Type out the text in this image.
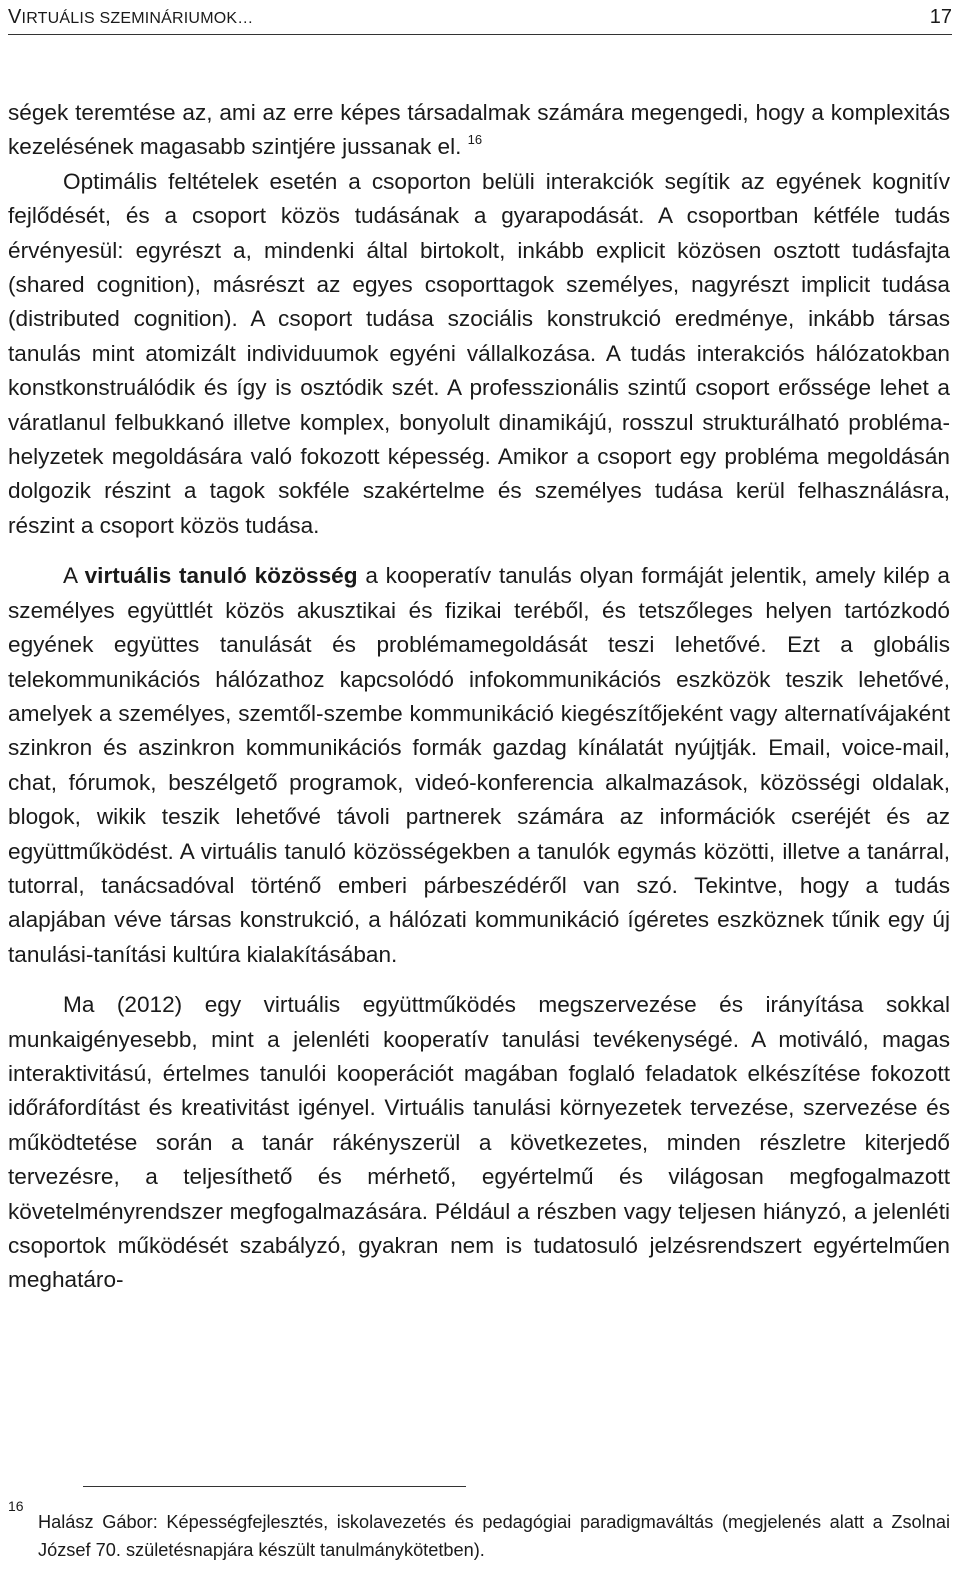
VIRTUÁLIS SZEMINÁRIUMOK…	17

ségek teremtése az, ami az erre képes társadalmak számára megengedi, hogy a komplexitás kezelésének magasabb szintjére jussanak el. $^{16}$

Optimális feltételek esetén a csoporton belüli interakciók segítik az egyének kognitív fejlődését, és a csoport közös tudásának a gyarapodását. A csoportban kétféle tudás érvényesül: egyrészt a, mindenki által birtokolt, inkább explicit közösen osztott tudásfajta (shared cognition), másrészt az egyes csoporttagok személyes, nagyrészt implicit tudása (distributed cognition). A csoport tudása szociális konstrukció eredménye, inkább társas tanulás mint atomizált individuumok egyéni vállalkozása. A tudás interakciós hálózatokban konstkonstruálódik és így is osztódik szét. A professzionális szintű csoport erőssége lehet a váratlanul felbukkanó illetve komplex, bonyolult dinamikájú, rosszul strukturálható probléma-helyzetek megoldására való fokozott képesség. Amikor a csoport egy probléma megoldásán dolgozik részint a tagok sokféle szakértelme és személyes tudása kerül felhasználásra, részint a csoport közös tudása.

A virtuális tanuló közösség a kooperatív tanulás olyan formáját jelentik, amely kilép a személyes együttlét közös akusztikai és fizikai teréből, és tetszőleges helyen tartózkodó egyének együttes tanulását és problémamegoldását teszi lehetővé. Ezt a globális telekommunikációs hálózathoz kapcsolódó infokommunikációs eszközök teszik lehetővé, amelyek a személyes, szemtől-szembe kommunikáció kiegészítőjeként vagy alternatívájaként szinkron és aszinkron kommunikációs formák gazdag kínálatát nyújtják. Email, voice-mail, chat, fórumok, beszélgető programok, videó-konferencia alkalmazások, közösségi oldalak, blogok, wikik teszik lehetővé távoli partnerek számára az információk cseréjét és az együttműködést. A virtuális tanuló közösségekben a tanulók egymás közötti, illetve a tanárral, tutorral, tanácsadóval történő emberi párbeszédéről van szó. Tekintve, hogy a tudás alapjában véve társas konstrukció, a hálózati kommunikáció ígéretes eszköznek tűnik egy új tanulási-tanítási kultúra kialakításában.

Ma (2012) egy virtuális együttműködés megszervezése és irányítása sokkal munkaigényesebb, mint a jelenléti kooperatív tanulási tevékenységé. A motiváló, magas interaktivitású, értelmes tanulói kooperációt magában foglaló feladatok elkészítése fokozott időráfordítást és kreativitást igényel. Virtuális tanulási környezetek tervezése, szervezése és működtetése során a tanár rákényszerül a következetes, minden részletre kiterjedő tervezésre, a teljesíthető és mérhető, egyértelmű és világosan megfogalmazott követelményrendszer megfogalmazására. Például a részben vagy teljesen hiányzó, a jelenléti csoportok működését szabályzó, gyakran nem is tudatosuló jelzésrendszert egyértelműen meghatáro-

16
Halász Gábor: Képességfejlesztés, iskolavezetés és pedagógiai paradigmaváltás (megjelenés alatt a Zsolnai József 70. születésnapjára készült tanulmánykötetben).
